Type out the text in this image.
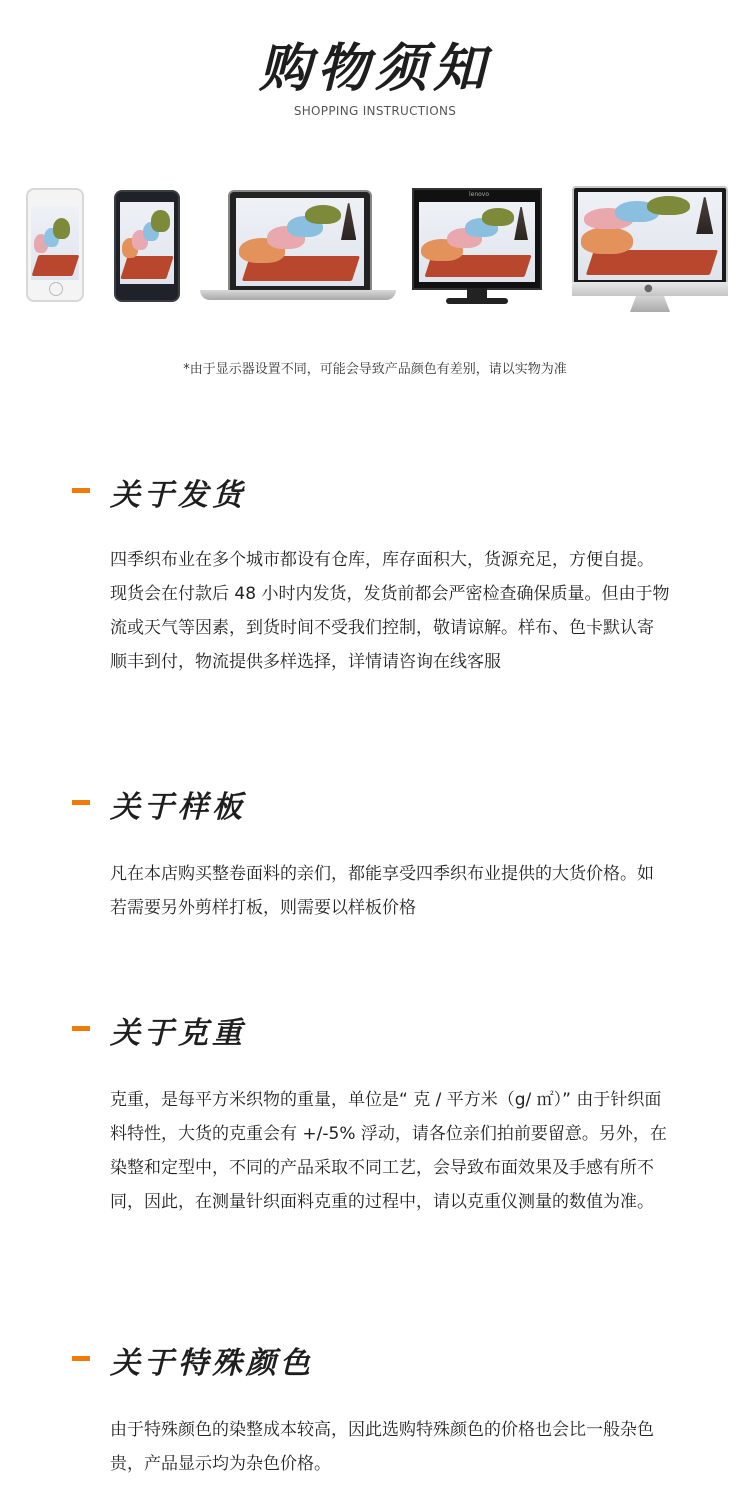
购物须知
SHOPPING INSTRUCTIONS
lenovo
●
*由于显示器设置不同，可能会导致产品颜色有差别，请以实物为准
关于发货
四季织布业在多个城市都设有仓库，库存面积大，货源充足，方便自提。现货会在付款后 48 小时内发货，发货前都会严密检查确保质量。但由于物流或天气等因素，到货时间不受我们控制，敬请谅解。样布、色卡默认寄顺丰到付，物流提供多样选择，详情请咨询在线客服
关于样板
凡在本店购买整卷面料的亲们，都能享受四季织布业提供的大货价格。如若需要另外剪样打板，则需要以样板价格
关于克重
克重，是每平方米织物的重量，单位是“ 克 / 平方米（g/ ㎡）” 由于针织面料特性，大货的克重会有 +/-5% 浮动，请各位亲们拍前要留意。另外，在染整和定型中，不同的产品采取不同工艺，会导致布面效果及手感有所不同，因此，在测量针织面料克重的过程中，请以克重仪测量的数值为准。
关于特殊颜色
由于特殊颜色的染整成本较高，因此选购特殊颜色的价格也会比一般杂色贵，产品显示均为杂色价格。
